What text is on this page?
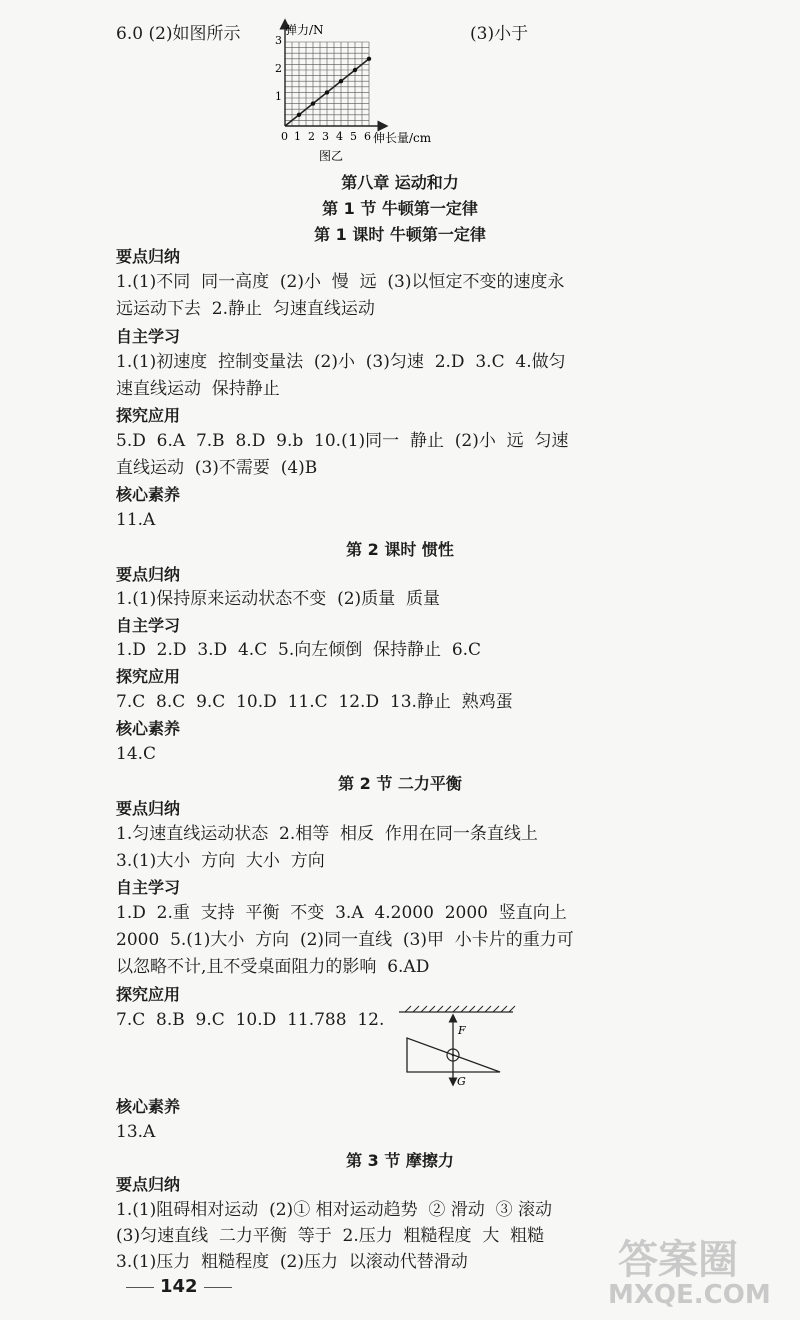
6.0 (2)如图所示	(3)小于
弹力/N
伸长量/cm
3
2
1
0 1 2 3 4 5 6
图乙
第八章 运动和力
第 1 节 牛顿第一定律
第 1 课时 牛顿第一定律
要点归纳
1.(1)不同  同一高度  (2)小  慢  远  (3)以恒定不变的速度永
远运动下去  2.静止  匀速直线运动
自主学习
1.(1)初速度  控制变量法  (2)小  (3)匀速  2.D  3.C  4.做匀
速直线运动  保持静止
探究应用
5.D  6.A  7.B  8.D  9.b  10.(1)同一  静止  (2)小  远  匀速
直线运动  (3)不需要  (4)B
核心素养
11.A
第 2 课时 惯性
要点归纳
1.(1)保持原来运动状态不变  (2)质量  质量
自主学习
1.D  2.D  3.D  4.C  5.向左倾倒  保持静止  6.C
探究应用
7.C  8.C  9.C  10.D  11.C  12.D  13.静止  熟鸡蛋
核心素养
14.C
第 2 节 二力平衡
要点归纳
1.匀速直线运动状态  2.相等  相反  作用在同一条直线上
3.(1)大小  方向  大小  方向
自主学习
1.D  2.重  支持  平衡  不变  3.A  4.2000  2000  竖直向上
2000  5.(1)大小  方向  (2)同一直线  (3)甲  小卡片的重力可
以忽略不计,且不受桌面阻力的影响  6.AD
探究应用
7.C  8.B  9.C  10.D  11.788  12.
F
G
核心素养
13.A
第 3 节 摩擦力
要点归纳
1.(1)阻碍相对运动  (2)① 相对运动趋势  ② 滑动  ③ 滚动
(3)匀速直线  二力平衡  等于  2.压力  粗糙程度  大  粗糙
3.(1)压力  粗糙程度  (2)压力  以滚动代替滑动
142
答案圈
MXQE.COM
